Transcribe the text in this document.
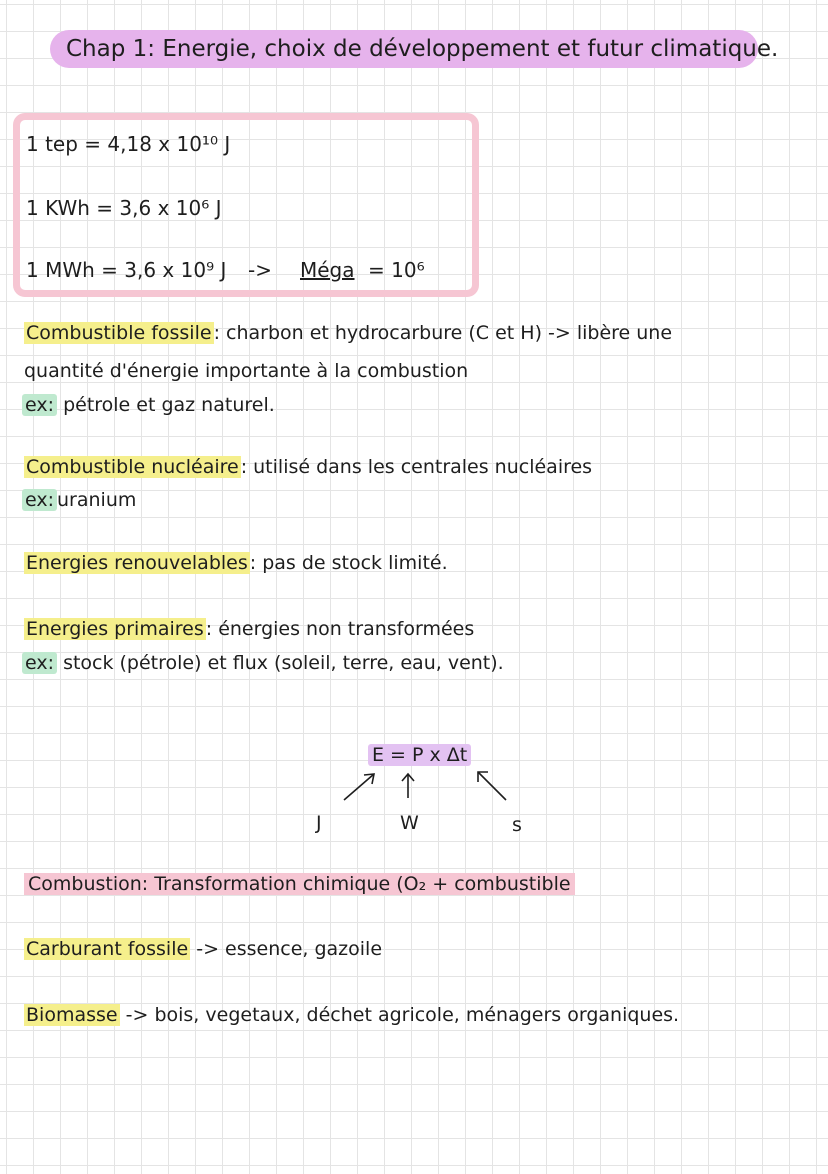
Chap 1: Energie, choix de développement et futur climatique.
1 tep = 4,18 x 10¹⁰ J
1 KWh = 3,6 x 10⁶ J
1 MWh = 3,6 x 10⁹ J -> Méga = 10⁶
Combustible fossile : charbon et hydrocarbure (C et H) -> libère une
quantité d'énergie importante à la combustion
ex: pétrole et gaz naturel.
Combustible nucléaire : utilisé dans les centrales nucléaires
ex: uranium
Energies renouvelables : pas de stock limité.
Energies primaires : énergies non transformées
ex: stock (pétrole) et flux (soleil, terre, eau, vent).
E = P x Δt
J	W	s
Combustion: Transformation chimique (O₂ + combustible
Carburant fossile -> essence, gazoile
Biomasse -> bois, vegetaux, déchet agricole, ménagers organiques.
